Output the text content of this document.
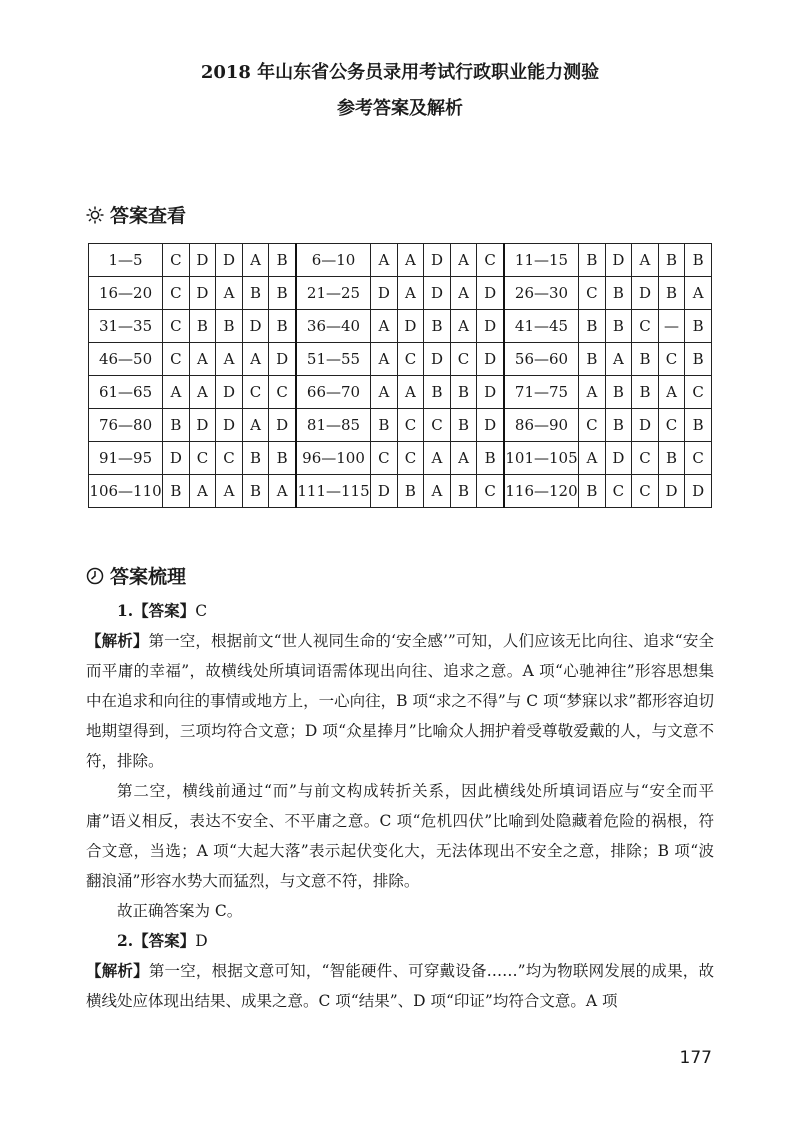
2018 年山东省公务员录用考试行政职业能力测验
参考答案及解析
答案查看
1—5	C	D	D	A	B	6—10	A	A	D	A	C	11—15	B	D	A	B	B
16—20	C	D	A	B	B	21—25	D	A	D	A	D	26—30	C	B	D	B	A
31—35	C	B	B	D	B	36—40	A	D	B	A	D	41—45	B	B	C	—	B
46—50	C	A	A	A	D	51—55	A	C	D	C	D	56—60	B	A	B	C	B
61—65	A	A	D	C	C	66—70	A	A	B	B	D	71—75	A	B	B	A	C
76—80	B	D	D	A	D	81—85	B	C	C	B	D	86—90	C	B	D	C	B
91—95	D	C	C	B	B	96—100	C	C	A	A	B	101—105	A	D	C	B	C
106—110	B	A	A	B	A	111—115	D	B	A	B	C	116—120	B	C	C	D	D
答案梳理

1.【答案】C

【解析】第一空，根据前文“世人视同生命的‘安全感’”可知，人们应该无比向往、追求“安全而平庸的幸福”，故横线处所填词语需体现出向往、追求之意。A 项“心驰神往”形容思想集中在追求和向往的事情或地方上，一心向往，B 项“求之不得”与 C 项“梦寐以求”都形容迫切地期望得到，三项均符合文意；D 项“众星捧月”比喻众人拥护着受尊敬爱戴的人，与文意不符，排除。

第二空，横线前通过“而”与前文构成转折关系，因此横线处所填词语应与“安全而平庸”语义相反，表达不安全、不平庸之意。C 项“危机四伏”比喻到处隐藏着危险的祸根，符合文意，当选；A 项“大起大落”表示起伏变化大，无法体现出不安全之意，排除；B 项“波翻浪涌”形容水势大而猛烈，与文意不符，排除。

故正确答案为 C。

2.【答案】D

【解析】第一空，根据文意可知，“智能硬件、可穿戴设备……”均为物联网发展的成果，故横线处应体现出结果、成果之意。C 项“结果”、D 项“印证”均符合文意。A 项

177
